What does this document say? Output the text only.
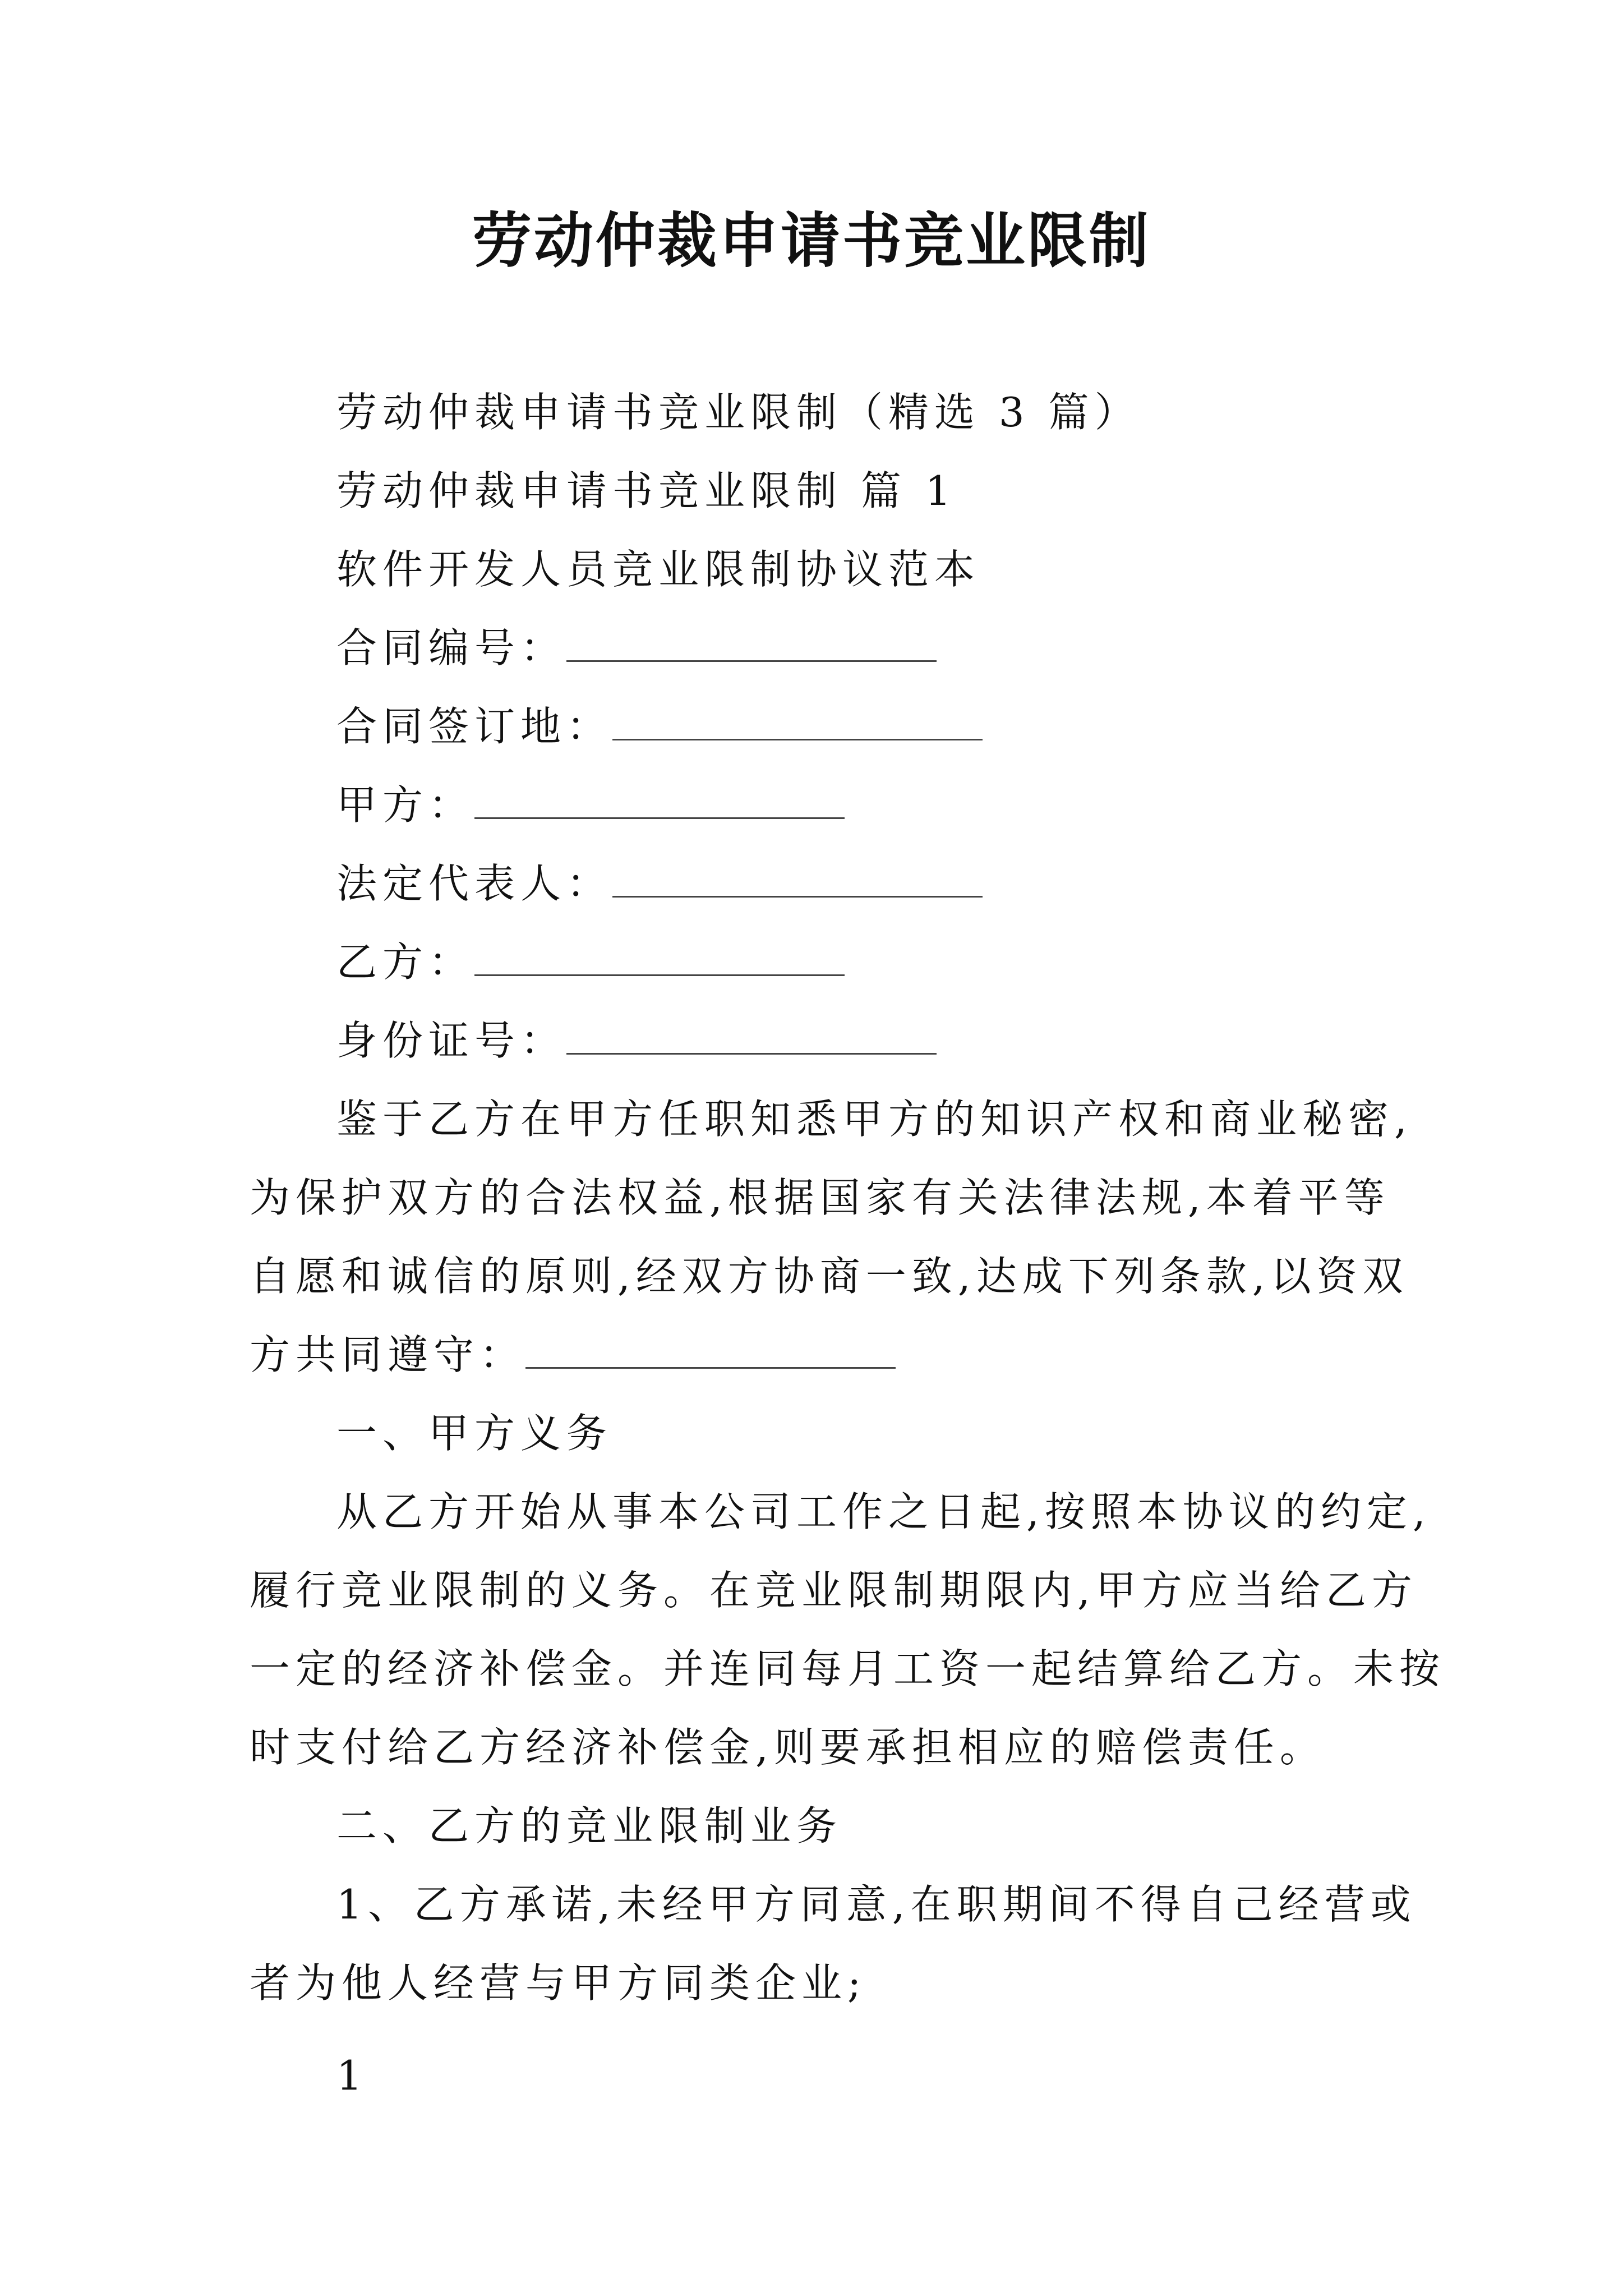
劳动仲裁申请书竞业限制
劳动仲裁申请书竞业限制（精选 3 篇）
劳动仲裁申请书竞业限制 篇 1
软件开发人员竞业限制协议范本
合同编号：
合同签订地：
甲方：
法定代表人：
乙方：
身份证号：
鉴于乙方在甲方任职知悉甲方的知识产权和商业秘密,
为保护双方的合法权益,根据国家有关法律法规,本着平等
自愿和诚信的原则,经双方协商一致,达成下列条款,以资双
方共同遵守：
一、甲方义务
从乙方开始从事本公司工作之日起,按照本协议的约定,
履行竞业限制的义务。在竞业限制期限内,甲方应当给乙方
一定的经济补偿金。并连同每月工资一起结算给乙方。未按
时支付给乙方经济补偿金,则要承担相应的赔偿责任。
二、乙方的竞业限制业务
1、乙方承诺,未经甲方同意,在职期间不得自己经营或
者为他人经营与甲方同类企业;
1
